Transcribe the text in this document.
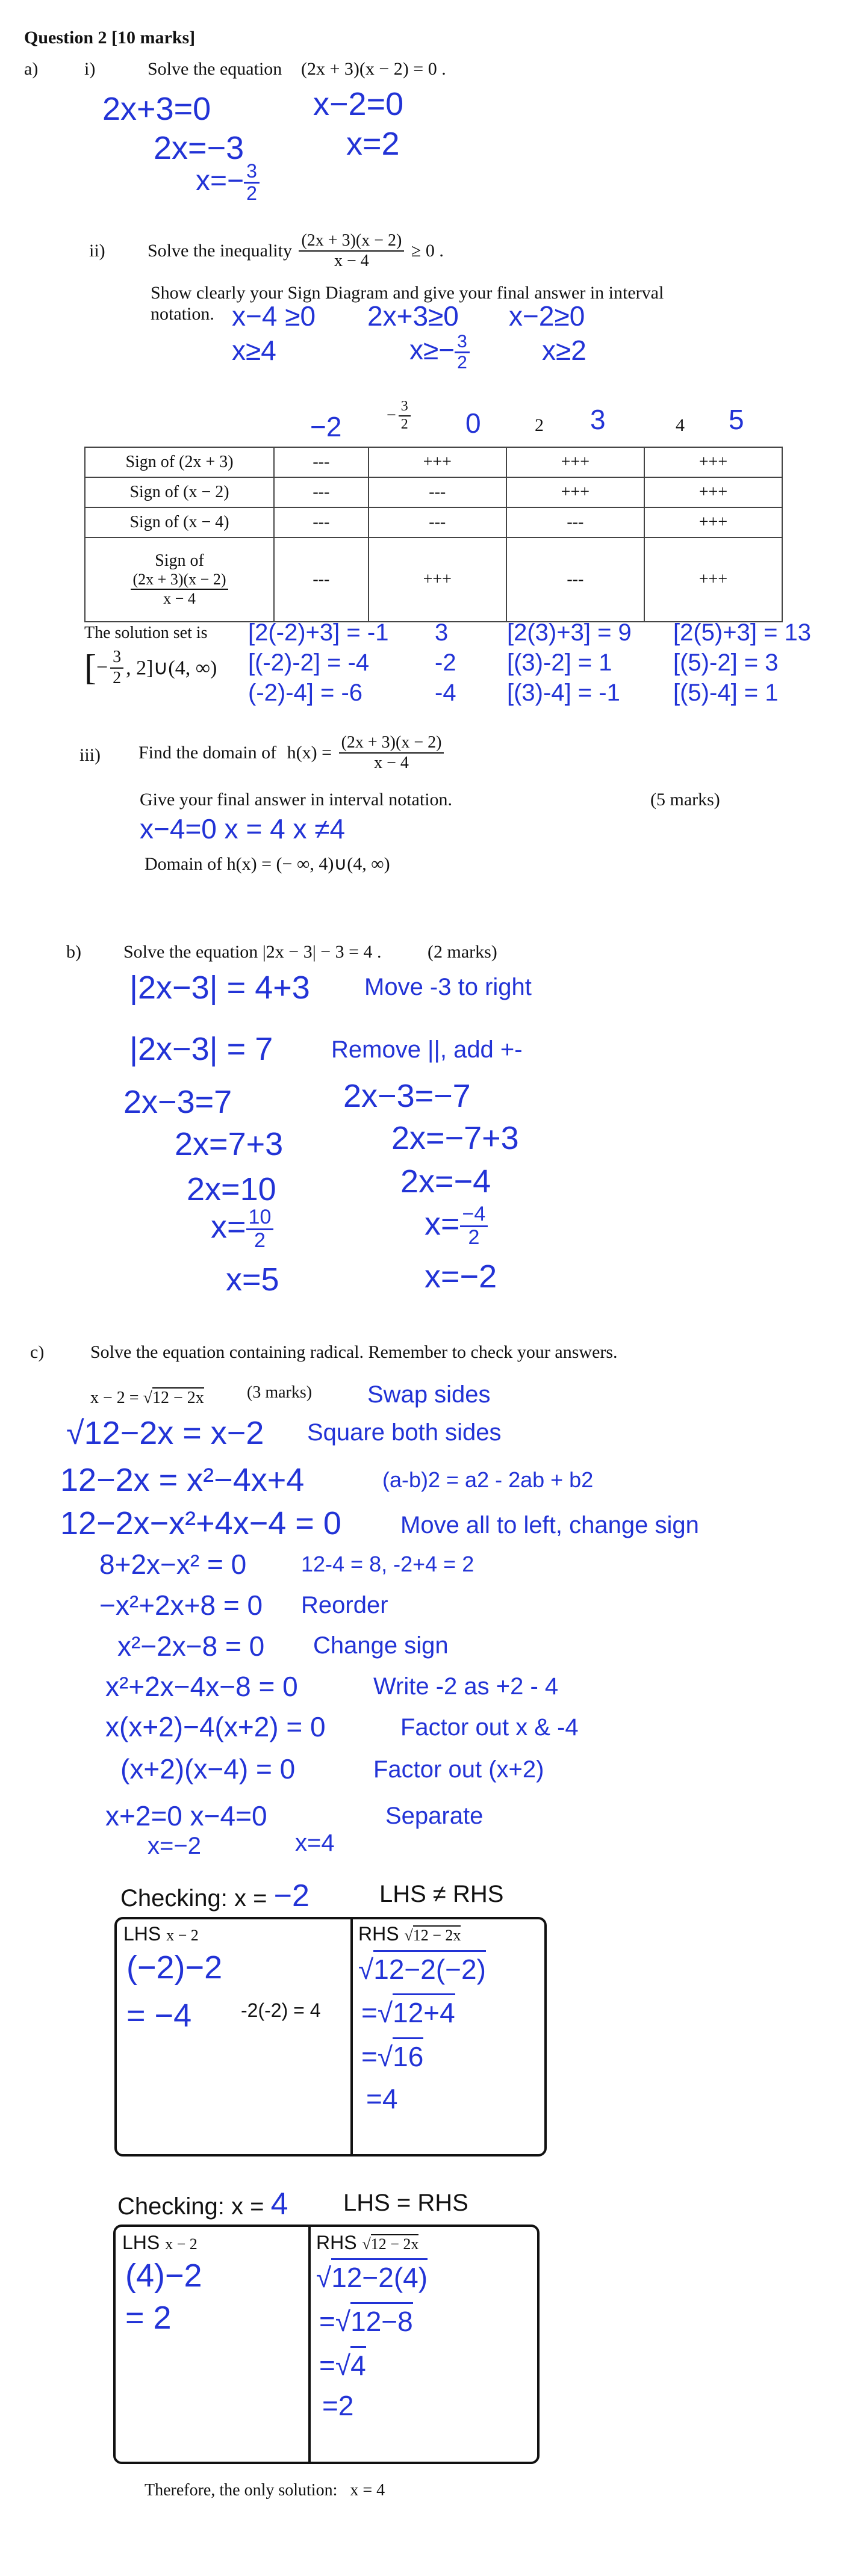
Question 2 [10 marks]
a)	i)	Solve the equation (2x + 3)(x − 2) = 0 .
2x+3=0	x−2=0
2x=−3	x=2
$x=- \frac{3}{2}$
ii) Solve the inequality $\frac{(2x + 3)(x - 2)}{x - 4} \ge 0$ .
Show clearly your Sign Diagram and give your final answer in interval
notation. x−4 ≥0 2x+3≥0 x−2≥0
x≥4	$x\ge- \frac{3}{2}$	x≥2
−2	− $\frac{3}{2} 0$	2 3	4 5
Sign of (2x + 3)	---	+++	+++	+++
Sign of (x − 2)	---	---	+++	+++
Sign of (x − 4)	---	---	---	+++

Sign of
$\frac{(2x + 3)(x - 2)}{x - 4}$	---	+++	---	+++
The solution set is
[− $\frac{3}{2}$ , 2]∪(4, ∞)
[2(-2)+3] = -1
[(-2)-2] = -4
(-2)-4] = -6
3
-2
-4
[2(3)+3] = 9
[(3)-2] = 1
[(3)-4] = -1
[2(5)+3] = 13
[(5)-2] = 3
[(5)-4] = 1
iii) Find the domain of $h(x) = \frac{(2x + 3)(x - 2)}{x - 4}$
Give your final answer in interval notation.	(5 marks)
x−4=0 x = 4 x ≠4
Domain of h(x) = (− ∞, 4)∪(4, ∞)
b) Solve the equation |2x − 3| − 3 = 4 .	(2 marks)
|2x−3| = 4+3 Move -3 to right
|2x−3| = 7 Remove ||, add +-
2x−3=7
2x=7+3
2x=10
$x= \frac{10}{2}$
x=5
2x−3=−7
2x=−7+3
2x=−4
$x= \frac{-4}{2}$
x=−2
c)	Solve the equation containing radical. Remember to check your answers.
x − 2 = √12 − 2x	(3 marks) Swap sides
√12−2x = x−2 Square both sides
12−2x = x²−4x+4	(a-b)2 = a2 - 2ab + b2
12−2x−x²+4x−4 = 0 Move all to left, change sign
8+2x−x² = 0	12-4 = 8, -2+4 = 2
−x²+2x+8 = 0 Reorder
x²−2x−8 = 0 Change sign
x²+2x−4x−8 = 0	Write -2 as +2 - 4
x(x+2)−4(x+2) = 0	Factor out x & -4
(x+2)(x−4) = 0	Factor out (x+2)
x+2=0 x−4=0	Separate
x=−2	x=4
Checking: x = −2	LHS ≠ RHS
LHS x − 2
(−2)−2
= −4	-2(-2) = 4
RHS √12 − 2x
√12−2(−2)
=√12+4
=√16
=4
Checking: x = 4 LHS = RHS
LHS x − 2
(4)−2
= 2
RHS √12 − 2x
√12−2(4)
=√12−8
=√4
=2
Therefore, the only solution: x = 4
